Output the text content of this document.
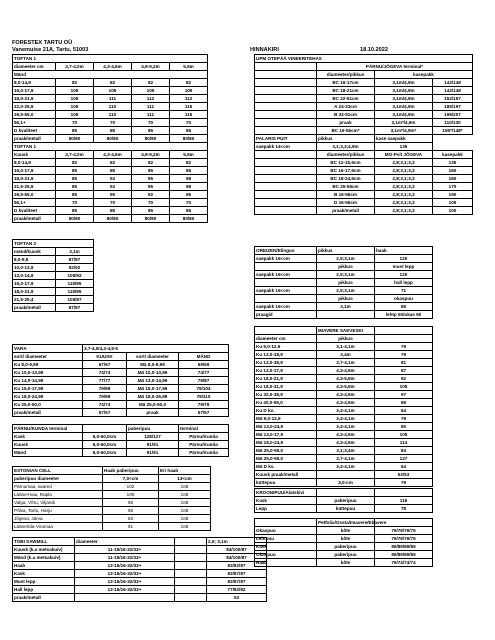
FORESTEX TARTU OÜ
Vanemuise 21A, Tartu, 51003	HINNAKIRI	18.10.2022
TOFTAN 1				
diameeter cm	3,7-4,0m	4,3-4,6m	4,9-5,2m	5,5m
Mänd				
8,0-14,9	82	82	82	82
15,0-17,9	105	105	105	105
18,0-21,9	105	111	112	112
22,0-25,9	105	110	111	115
26,5-55,0	105	110	111	115
55,1+	70	70	70	70
D kvaliteet	85	85	85	85
praak/metall	80/80	80/80	80/80	80/80
TOFTAN 1				
Kuusk	3,7-4,0m	4,3-4,6m	4,9-5,2m	5,5m
8,0-14,9	82	82	82	82
15,0-17,9	85	85	85	85
18,0-21,9	85	93	95	98
21,5-25,9	85	93	95	98
26,5-55,0	85	90	92	95
55,1+	70	70	70	70
D kvaliteet	85	85	85	85
praak/metall	80/80	80/80	80/80	80/80
TOFTAN 2	
mänd/kuusk	3,1m
8,0-9,9	87/87
10,0-13,9	92/92
13,0-14,9	105/92
15,0-17,9	115/95
18,0-21,9	115/95
21,5-25,4	105/87
praak/metall	87/87
VARA	3,7-4,0/4,3-4,6-5		
sort/ diameeter	KUUSK	sort/ diameeter	MÄND
Ku 8,0-9,99	67/67	Mä 8,0-9,99	69/69
Ku 10,0-13,99	74/74	Mä 10,0-13,99	74/77
Ku 14,0-14,99	77/77	Mä 13,0-14,99	79/87
Ku 15,0-17,99	79/89	Mä 15,0-17,99	79/104
Ku 18,0-24,99	79/89	Mä 18,0-26,99	79/110
Ku 25,0-50,0	74/74	Mä 25,0-50,0	79/79
praak/metall	57/57	praak	57/57
PÄRNU/KUNDA terminal		paberipuu	terminal
Kask	6,0-60,0cm	128/127	Pärnu/Kunda
Kuusk	6,0-60,0cm	91/91	Pärnu/Kunda
Mänd	6,0-60,0cm	91/91	Pärnu/Kunda
ESTONIAN CELL	Haab paberipuu	Eri haab
paberipuu diameeter	7,0<cm	13<cm
Pärnumaa, saared	102	108
Lääne-maa, Rapla	100	108
Valga, Võru, Viljandi	95	108
Põlva, Tartu, Harju	95	108
Jõgeva, Järva	83	108
Lääne/Ida-Virumaa	91	108
TOBI SAWMILL	diameeter		2,5; 3,1m
Kuusk (k.a metsakuiv)	11-15/16-32/33+		84/100/87
Mänd (k.a metsakuiv)	11-15/16-32/33+		84/100/87
Haab	13-15/16-32/33+		82/82/87
Kask	13-15/16-32/33+		82/87/87
Must lepp	13-15/16-32/33+		82/87/87
Hall lepp	13-15/16-32/33+		77/82/82
praak/metall			53
UPM OTEPÄÄ VINEERITEHAS			
	PÄRNU/JÕGEVA terminal*		
	diameeter/pikkus	kasepakk	
	BC 16-17cm	3,1m/4,9m	142/148
	BC 18-21cm	3,1m/4,9m	142/148
	BC 22-51cm	3,1m/4,9m	152/157
	A 24-33cm	3,1m/4,9m	185/197
	B 33-51cm	3,1m/4,9m	196/207
	praak	3,1m*/4,9m	110/130
	BC 16-55cm*	3,1m*/4,9m*	155*/148*
PALARIS PUIT	pikkus	kase saepakk
saepakk 14<cm	3,1;3,3;4,9m	135
	diameeter/pikkus	MO-Pvit JÕGEVA	kasepakk
	BC 12-15,9cm	2,8;3,1;3,3	135
	BC 16-17,9cm	2,8;3,1;3,3	160
	BC 18-24,9cm	2,8;3,1;3,3	160
	BC 25-55cm	2,8;3,1;3,3	170
	B 16-55cm	2,8;3,1;3,3	190
	D 16-55cm	2,8;3,1;3,3	105
	praak/metall	2,8;3,1;3,3	100
OREIZEN/Elinguo	pikkus	haab
saepakk 16<cm	2,5;3,1m	120
	pikkus	must lepp
saepakk 16<cm	2,5;3,1m	120
	pikkus	hall lepp
saepakk 16<cm	2,5;3,1m	71
	pikkus	okaspuu
saepakk 16<cm	3,1m	85
praagid		lehtp 60/okas 50
	IMAVERE SAEVESKI	
diameeter cm	pikkus	
Ku 9,0-12,9	3,1-4,1m	79
Ku 13,0-18,9	3,4m	79
Ku 13,0-38,9	3,7-4,1m	81
Ku 13,0-17,9	4,3-4,9m	87
Ku 18,0-21,9	4,3-5,9m	92
Ku 18,0-31,9	4,3-5,9m	105
Ku 32,0-38,9	4,3-4,9m	97
Ku 40,0-55,0	4,3-4,9m	89
Ku D kv.	3,4-4,1m	64
Mä 9,0-12,9	3,4-4,1m	79
Mä 13,0-24,9	3,4-4,1m	80
Mä 13,0-17,9	4,3-4,9m	105
Mä 18,0-24,9	4,3-4,9m	114
Mä 25,0-55,0	3,1;3,4m	84
Mä 25,0-55,0	3,7-4,1m	127
Mä D kv.	3,4-4,1m	64
Kuusk praak/metall		53/53
küttepuu	3,0-cm	79
KROONIPUU/Alatskivi		
Kask	paberipuu	118
Lepp	küttepuu	78
	Petfolia/Ossta/Imavere/Ebavere	
Okaspuu	kõte	79/79/79/79
Lehtpuu	kõte	79/79/79/79
Kask	paberipuu	89/89/89/89
Okaspuu	paberipuu	89/89/89/89
Haab	kõte	79/74/74/74
